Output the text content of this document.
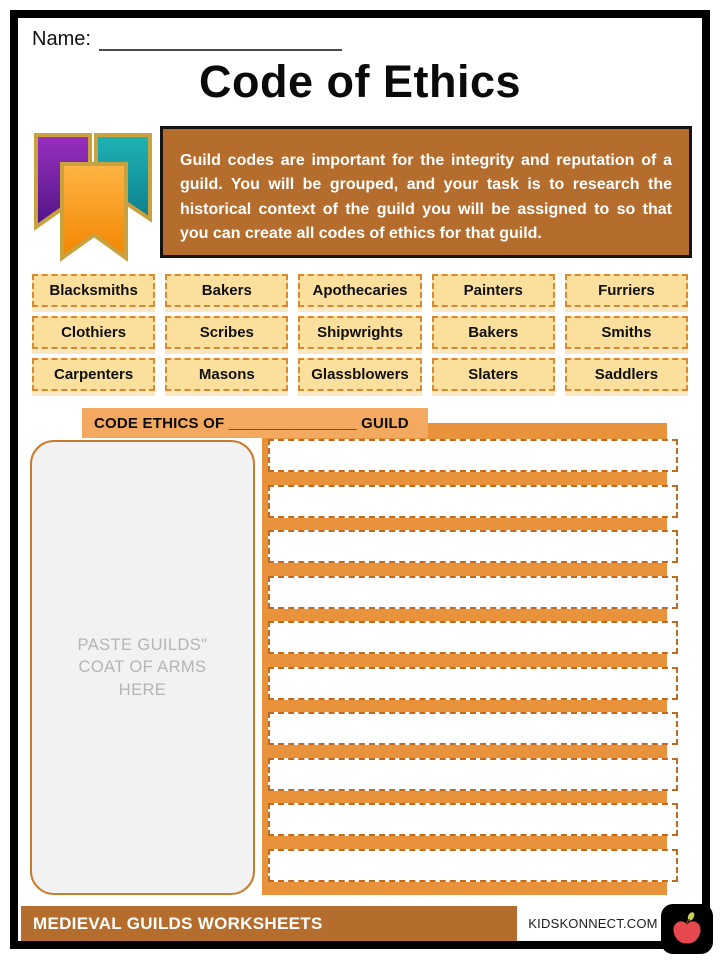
Name:
Code of Ethics
Guild codes are important for the integrity and reputation of a guild. You will be grouped, and your task is to research the historical context of the guild you will be assigned to so that you can create all codes of ethics for that guild.
Blacksmiths	Bakers	Apothecaries	Painters	Furriers
Clothiers	Scribes	Shipwrights	Bakers	Smiths
Carpenters	Masons	Glassblowers	Slaters	Saddlers
CODE ETHICS OF _______________ GUILD
PASTE GUILDS" COAT OF ARMS HERE
MEDIEVAL GUILDS WORKSHEETS	KIDSKONNECT.COM
